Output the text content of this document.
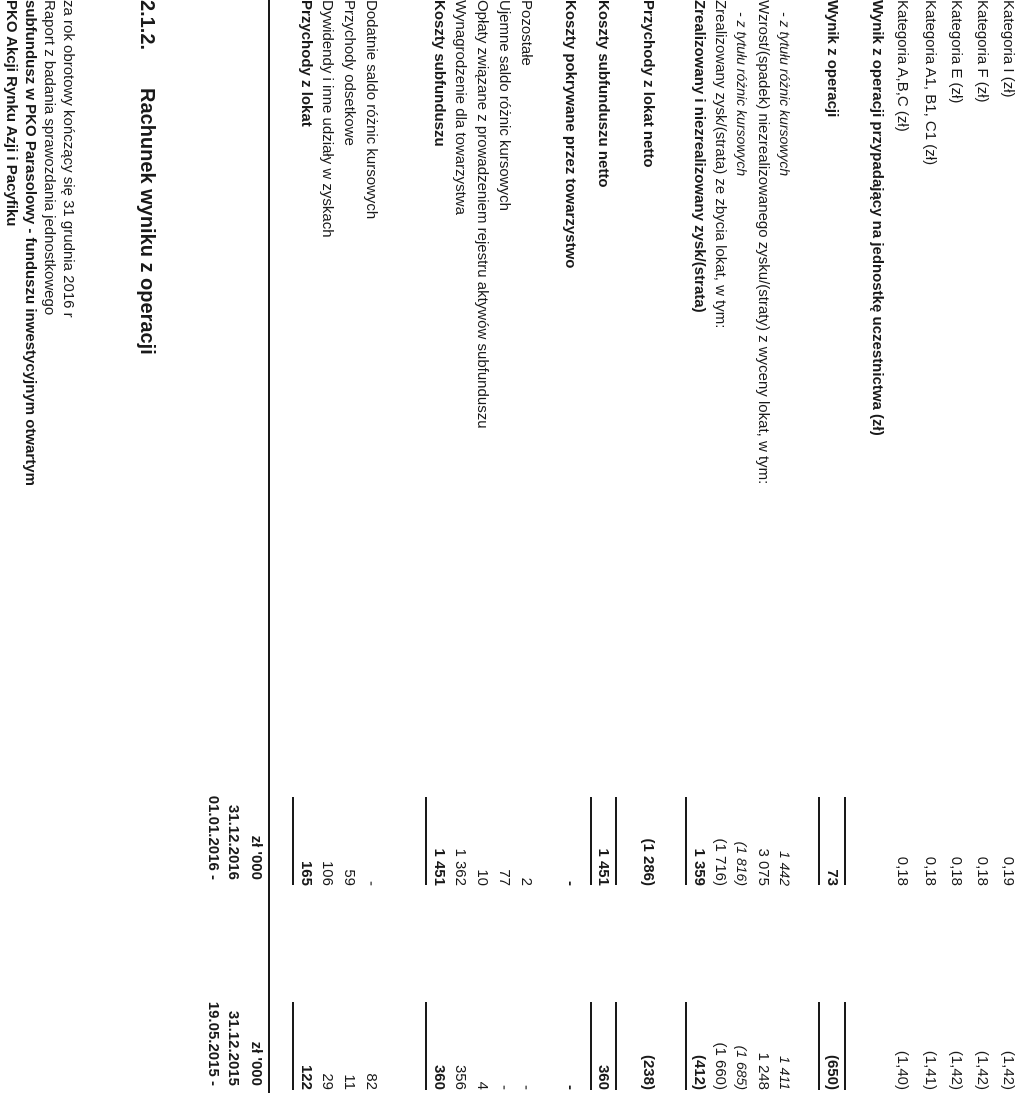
PKO Akcji Rynku Azji i Pacyfiku subfundusz w PKO Parasolowy - funduszu inwestycyjnym otwartym Raport z badania sprawozdania jednostkowego za rok obrotowy kończący się 31 grudnia 2016 r	2.1.2.
Rachunek wyniku z operacji
01.01.2016 - 31.12.2016 zł '000
19.05.2015 - 31.12.2015 zł '000
Przychody z lokat
165
122
Dywidendy i inne udziały w zyskach
106
29
Przychody odsetkowe
59
11
Dodatnie saldo różnic kursowych
-
82
Koszty subfunduszu
1 451
360
Wynagrodzenie dla towarzystwa
1 362
356
Opłaty związane z prowadzeniem rejestru aktywów subfunduszu
10
4
Ujemne saldo różnic kursowych
77
-
Pozostałe
2
-
Koszty pokrywane przez towarzystwo
-
-
Koszty subfunduszu netto
1 451
360
Przychody z lokat netto
(1 286)
(238)
Zrealizowany i niezrealizowany zysk/(strata)
1 359
(412)
Zrealizowany zysk/(strata) ze zbycia lokat, w tym:
(1 716)
(1 660)
- z tytułu różnic kursowych
(1 816)
(1 685)
Wzrost/(spadek) niezrealizowanego zysku/(straty) z wyceny lokat, w tym:
3 075
1 248
- z tytułu różnic kursowych
1 442
1 411
Wynik z operacji
73
(650)
Wynik z operacji przypadający na jednostkę uczestnictwa (zł) Kategoria A,B,C (zł)
0,18
(1,40)
Kategoria A1, B1, C1 (zł)
0,18
(1,41)
Kategoria E (zł)
0,18
(1,42)
Kategoria F (zł)
0,18
(1,42)
Kategoria I (zł)
0,19
(1,42)
